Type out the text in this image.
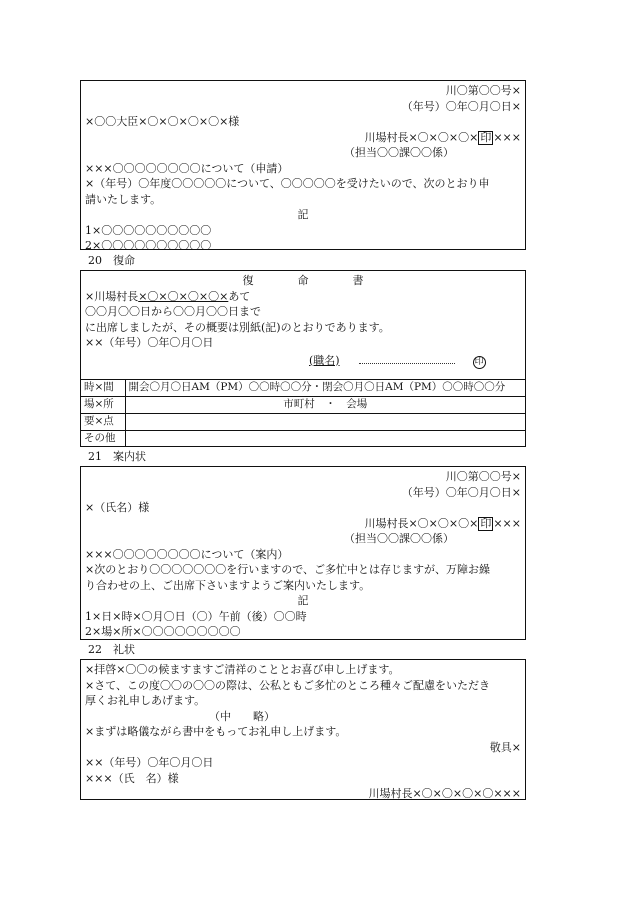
川〇第〇〇号×
（年号）〇年〇月〇日×
×〇〇大臣×〇×〇×〇×〇×様
川場村長×〇×〇×〇× 印 ×××
（担当〇〇課〇〇係）
×××〇〇〇〇〇〇〇〇について（申請）
×（年号）〇年度〇〇〇〇〇について、〇〇〇〇〇を受けたいので、次のとおり申
請いたします。
記
1×〇〇〇〇〇〇〇〇〇〇
2×〇〇〇〇〇〇〇〇〇〇
20　復命
復　　　　命　　　　書
×川場村長×〇×〇×〇×〇×あて
〇〇月〇〇日から〇〇月〇〇日まで
に出席しましたが、その概要は別紙(記)のとおりであります。
××（年号）〇年〇月〇日
(職名)	印
時×間	開会〇月〇日AM（PM）〇〇時〇〇分・閉会〇月〇日AM（PM）〇〇時〇〇分
場×所	市町村　・　会場
要×点	
その他	
21　案内状
川〇第〇〇号×
（年号）〇年〇月〇日×
×（氏名）様
川場村長×〇×〇×〇× 印 ×××
（担当〇〇課〇〇係）
×××〇〇〇〇〇〇〇〇について（案内）
×次のとおり〇〇〇〇〇〇〇を行いますので、ご多忙中とは存じますが、万障お繰
り合わせの上、ご出席下さいますようご案内いたします。
記
1×日×時×〇月〇日（〇）午前（後）〇〇時
2×場×所×〇〇〇〇〇〇〇〇〇
22　礼状
×拝啓×〇〇の候ますますご清祥のこととお喜び申し上げます。
×さて、この度〇〇の〇〇の際は、公私ともご多忙のところ種々ご配慮をいただき
厚くお礼申しあげます。
（中　　略）
×まずは略儀ながら書中をもってお礼申し上げます。
敬具×
××（年号）〇年〇月〇日
×××（氏　名）様
川場村長×〇×〇×〇×〇×××
